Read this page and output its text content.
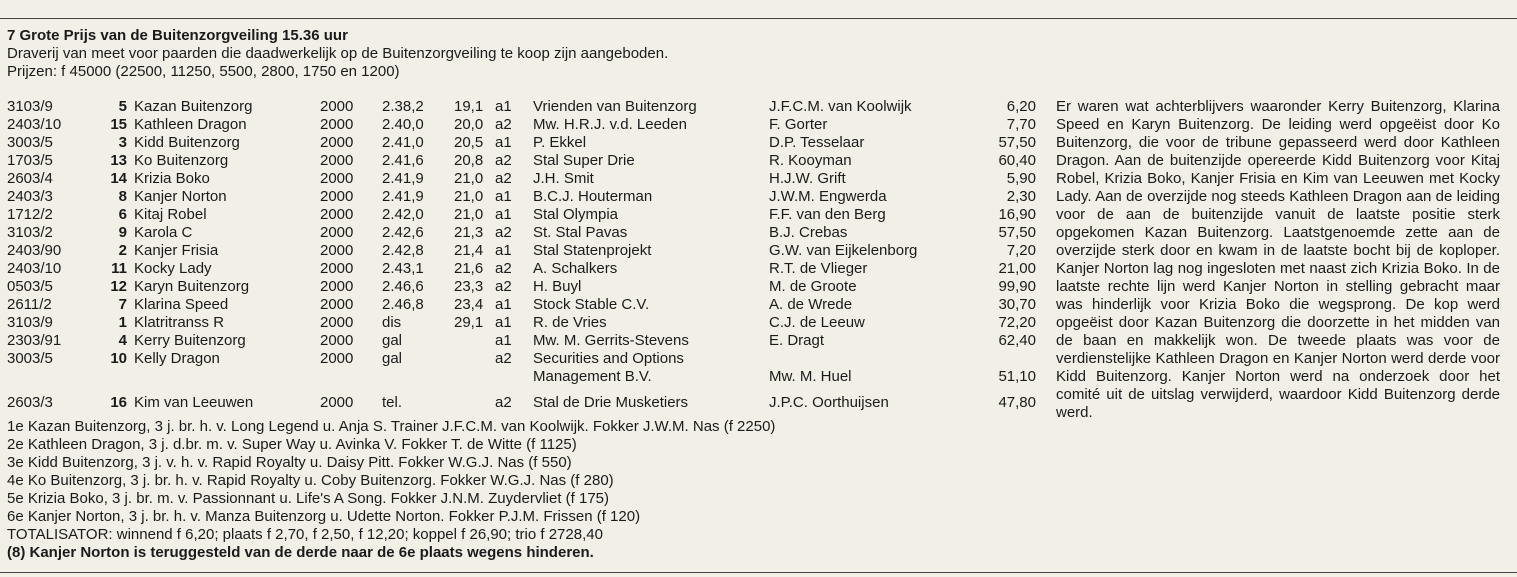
7 Grote Prijs van de Buitenzorgveiling 15.36 uur
Draverij van meet voor paarden die daadwerkelijk op de Buitenzorgveiling te koop zijn aangeboden.
Prijzen: f 45000 (22500, 11250, 5500, 2800, 1750 en 1200)
3103/9	5 Kazan Buitenzorg	2000 2.38,2 19,1 a1 Vrienden van Buitenzorg	J.F.C.M. van Koolwijk	6,20
2403/10	15 Kathleen Dragon	2000 2.40,0 20,0 a2 Mw. H.R.J. v.d. Leeden	F. Gorter	7,70
3003/5	3 Kidd Buitenzorg	2000 2.41,0 20,5 a1 P. Ekkel	D.P. Tesselaar	57,50
1703/5	13 Ko Buitenzorg	2000 2.41,6 20,8 a2 Stal Super Drie	R. Kooyman	60,40
2603/4	14 Krizia Boko	2000 2.41,9 21,0 a2 J.H. Smit	H.J.W. Grift	5,90
2403/3	8 Kanjer Norton	2000 2.41,9 21,0 a1 B.C.J. Houterman	J.W.M. Engwerda	2,30
1712/2	6 Kitaj Robel	2000 2.42,0 21,0 a1 Stal Olympia	F.F. van den Berg	16,90
3103/2	9 Karola C	2000 2.42,6 21,3 a2 St. Stal Pavas	B.J. Crebas	57,50
2403/90	2 Kanjer Frisia	2000 2.42,8 21,4 a1 Stal Statenprojekt	G.W. van Eijkelenborg	7,20
2403/10	11 Kocky Lady	2000 2.43,1 21,6 a2 A. Schalkers	R.T. de Vlieger	21,00
0503/5	12 Karyn Buitenzorg	2000 2.46,6 23,3 a2 H. Buyl	M. de Groote	99,90
2611/2	7 Klarina Speed	2000 2.46,8 23,4 a1 Stock Stable C.V.	A. de Wrede	30,70
3103/9	1 Klatritranss R	2000 dis	29,1 a1 R. de Vries	C.J. de Leeuw	72,20
2303/91	4 Kerry Buitenzorg	2000 gal	a1 Mw. M. Gerrits-Stevens	E. Dragt	62,40
3003/5	10 Kelly Dragon	2000 gal	a2 Securities and Options
Management B.V.	Mw. M. Huel	51,10
2603/3	16 Kim van Leeuwen	2000 tel.	a2 Stal de Drie Musketiers	J.P.C. Oorthuijsen	47,80
Er waren wat achterblijvers waaronder Kerry Buitenzorg, Klarina Speed en Karyn Buitenzorg. De leiding werd opgeëist door Ko Buitenzorg, die voor de tribune gepasseerd werd door Kathleen Dragon. Aan de buitenzijde opereerde Kidd Buitenzorg voor Kitaj Robel, Krizia Boko, Kanjer Frisia en Kim van Leeuwen met Kocky Lady. Aan de overzijde nog steeds Kathleen Dragon aan de leiding voor de aan de buitenzijde vanuit de laatste positie sterk opgekomen Kazan Buitenzorg. Laatstgenoemde zette aan de overzijde sterk door en kwam in de laatste bocht bij de koploper. Kanjer Norton lag nog ingesloten met naast zich Krizia Boko. In de laatste rechte lijn werd Kanjer Norton in stelling gebracht maar was hinderlijk voor Krizia Boko die wegsprong. De kop werd opgeëist door Kazan Buitenzorg die doorzette in het midden van de baan en makkelijk won. De tweede plaats was voor de verdienstelijke Kathleen Dragon en Kanjer Norton werd derde voor Kidd Buitenzorg. Kanjer Norton werd na onderzoek door het comité uit de uitslag verwijderd, waardoor Kidd Buitenzorg derde werd.
1e Kazan Buitenzorg, 3 j. br. h. v. Long Legend u. Anja S. Trainer J.F.C.M. van Koolwijk. Fokker J.W.M. Nas (f 2250)
2e Kathleen Dragon, 3 j. d.br. m. v. Super Way u. Avinka V. Fokker T. de Witte (f 1125)
3e Kidd Buitenzorg, 3 j. v. h. v. Rapid Royalty u. Daisy Pitt. Fokker W.G.J. Nas (f 550)
4e Ko Buitenzorg, 3 j. br. h. v. Rapid Royalty u. Coby Buitenzorg. Fokker W.G.J. Nas (f 280)
5e Krizia Boko, 3 j. br. m. v. Passionnant u. Life's A Song. Fokker J.N.M. Zuydervliet (f 175)
6e Kanjer Norton, 3 j. br. h. v. Manza Buitenzorg u. Udette Norton. Fokker P.J.M. Frissen (f 120)
TOTALISATOR: winnend f 6,20; plaats f 2,70, f 2,50, f 12,20; koppel f 26,90; trio f 2728,40
(8) Kanjer Norton is teruggesteld van de derde naar de 6e plaats wegens hinderen.
